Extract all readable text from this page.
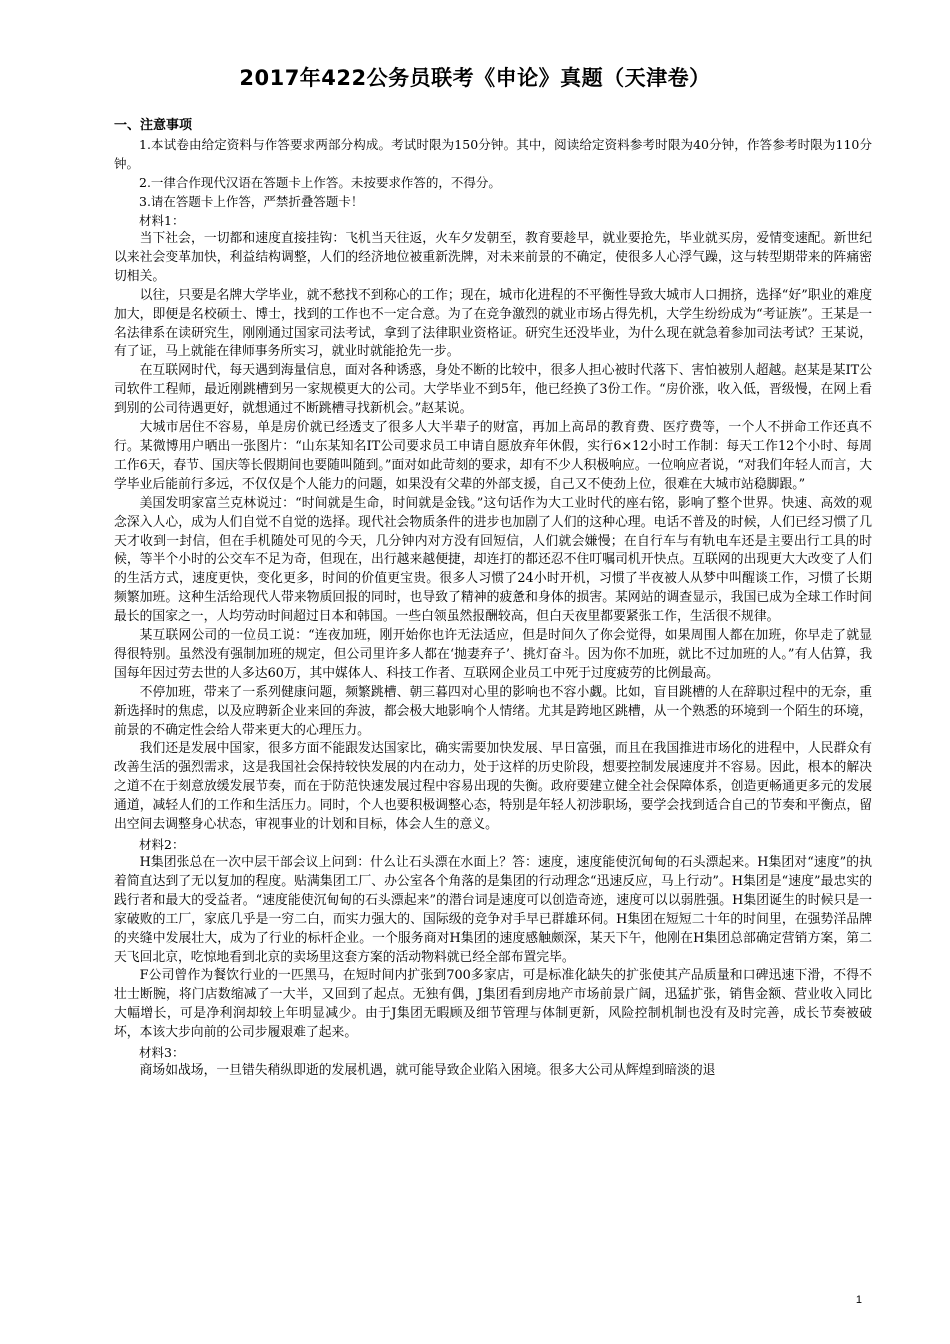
2017年422公务员联考《申论》真题（天津卷）

一、注意事项

1.本试卷由给定资料与作答要求两部分构成。考试时限为150分钟。其中，阅读给定资料参考时限为40分钟，作答参考时限为110分钟。

2.一律合作现代汉语在答题卡上作答。未按要求作答的，不得分。

3.请在答题卡上作答，严禁折叠答题卡！

材料1：

当下社会，一切都和速度直接挂钩：飞机当天往返，火车夕发朝至，教育要趁早，就业要抢先，毕业就买房，爱情变速配。新世纪以来社会变革加快，利益结构调整，人们的经济地位被重新洗牌，对未来前景的不确定，使很多人心浮气躁，这与转型期带来的阵痛密切相关。

以往，只要是名牌大学毕业，就不愁找不到称心的工作；现在，城市化进程的不平衡性导致大城市人口拥挤，选择“好”职业的难度加大，即便是名校硕士、博士，找到的工作也不一定合意。为了在竞争激烈的就业市场占得先机，大学生纷纷成为“考证族”。王某是一名法律系在读研究生，刚刚通过国家司法考试，拿到了法律职业资格证。研究生还没毕业，为什么现在就急着参加司法考试？王某说，有了证，马上就能在律师事务所实习，就业时就能抢先一步。

在互联网时代，每天遇到海量信息，面对各种诱惑，身处不断的比较中，很多人担心被时代落下、害怕被别人超越。赵某是某IT公司软件工程师，最近刚跳槽到另一家规模更大的公司。大学毕业不到5年，他已经换了3份工作。“房价涨，收入低，晋级慢，在网上看到别的公司待遇更好，就想通过不断跳槽寻找新机会。”赵某说。

大城市居住不容易，单是房价就已经透支了很多人大半辈子的财富，再加上高昂的教育费、医疗费等，一个人不拼命工作还真不行。某微博用户晒出一张图片：“山东某知名IT公司要求员工申请自愿放弃年休假，实行6×12小时工作制：每天工作12个小时、每周工作6天，春节、国庆等长假期间也要随叫随到。”面对如此苛刻的要求，却有不少人积极响应。一位响应者说，“对我们年轻人而言，大学毕业后能前行多远，不仅仅是个人能力的问题，如果没有父辈的外部支援，自己又不使劲上位，很难在大城市站稳脚跟。”

美国发明家富兰克林说过：“时间就是生命，时间就是金钱。”这句话作为大工业时代的座右铭，影响了整个世界。快速、高效的观念深入人心，成为人们自觉不自觉的选择。现代社会物质条件的进步也加剧了人们的这种心理。电话不普及的时候，人们已经习惯了几天才收到一封信，但在手机随处可见的今天，几分钟内对方没有回短信，人们就会嫌慢；在自行车与有轨电车还是主要出行工具的时候，等半个小时的公交车不足为奇，但现在，出行越来越便捷，却连打的都还忍不住叮嘱司机开快点。互联网的出现更大大改变了人们的生活方式，速度更快，变化更多，时间的价值更宝贵。很多人习惯了24小时开机，习惯了半夜被人从梦中叫醒谈工作，习惯了长期频繁加班。这种生活给现代人带来物质回报的同时，也导致了精神的疲惫和身体的损害。某网站的调查显示，我国已成为全球工作时间最长的国家之一，人均劳动时间超过日本和韩国。一些白领虽然报酬较高，但白天夜里都要紧张工作，生活很不规律。

某互联网公司的一位员工说：“连夜加班，刚开始你也许无法适应，但是时间久了你会觉得，如果周围人都在加班，你早走了就显得很特别。虽然没有强制加班的规定，但公司里许多人都在‘抛妻弃子’、挑灯奋斗。因为你不加班，就比不过加班的人。”有人估算，我国每年因过劳去世的人多达60万，其中媒体人、科技工作者、互联网企业员工中死于过度疲劳的比例最高。

不停加班，带来了一系列健康问题，频繁跳槽、朝三暮四对心里的影响也不容小觑。比如，盲目跳槽的人在辞职过程中的无奈，重新选择时的焦虑，以及应聘新企业来回的奔波，都会极大地影响个人情绪。尤其是跨地区跳槽，从一个熟悉的环境到一个陌生的环境，前景的不确定性会给人带来更大的心理压力。

我们还是发展中国家，很多方面不能跟发达国家比，确实需要加快发展、早日富强，而且在我国推进市场化的进程中，人民群众有改善生活的强烈需求，这是我国社会保持较快发展的内在动力，处于这样的历史阶段，想要控制发展速度并不容易。因此，根本的解决之道不在于刻意放缓发展节奏，而在于防范快速发展过程中容易出现的失衡。政府要建立健全社会保障体系，创造更畅通更多元的发展通道，减轻人们的工作和生活压力。同时，个人也要积极调整心态，特别是年轻人初涉职场，要学会找到适合自己的节奏和平衡点，留出空间去调整身心状态，审视事业的计划和目标，体会人生的意义。

材料2：

H集团张总在一次中层干部会议上问到：什么让石头漂在水面上？答：速度，速度能使沉甸甸的石头漂起来。H集团对“速度”的执着简直达到了无以复加的程度。贴满集团工厂、办公室各个角落的是集团的行动理念“迅速反应，马上行动”。H集团是“速度”最忠实的践行者和最大的受益者。“速度能使沉甸甸的石头漂起来”的潜台词是速度可以创造奇迹，速度可以以弱胜强。H集团诞生的时候只是一家破败的工厂，家底几乎是一穷二白，而实力强大的、国际级的竞争对手早已群雄环伺。H集团在短短二十年的时间里，在强势洋品牌的夹缝中发展壮大，成为了行业的标杆企业。一个服务商对H集团的速度感触颇深，某天下午，他刚在H集团总部确定营销方案，第二天飞回北京，吃惊地看到北京的卖场里这套方案的活动物料就已经全部布置完毕。

F公司曾作为餐饮行业的一匹黑马，在短时间内扩张到700多家店，可是标准化缺失的扩张使其产品质量和口碑迅速下滑，不得不壮士断腕，将门店数缩减了一大半，又回到了起点。无独有偶，J集团看到房地产市场前景广阔，迅猛扩张，销售金额、营业收入同比大幅增长，可是净利润却较上年明显减少。由于J集团无暇顾及细节管理与体制更新，风险控制机制也没有及时完善，成长节奏被破坏，本该大步向前的公司步履艰难了起来。

材料3：

商场如战场，一旦错失稍纵即逝的发展机遇，就可能导致企业陷入困境。很多大公司从辉煌到暗淡的退

1
